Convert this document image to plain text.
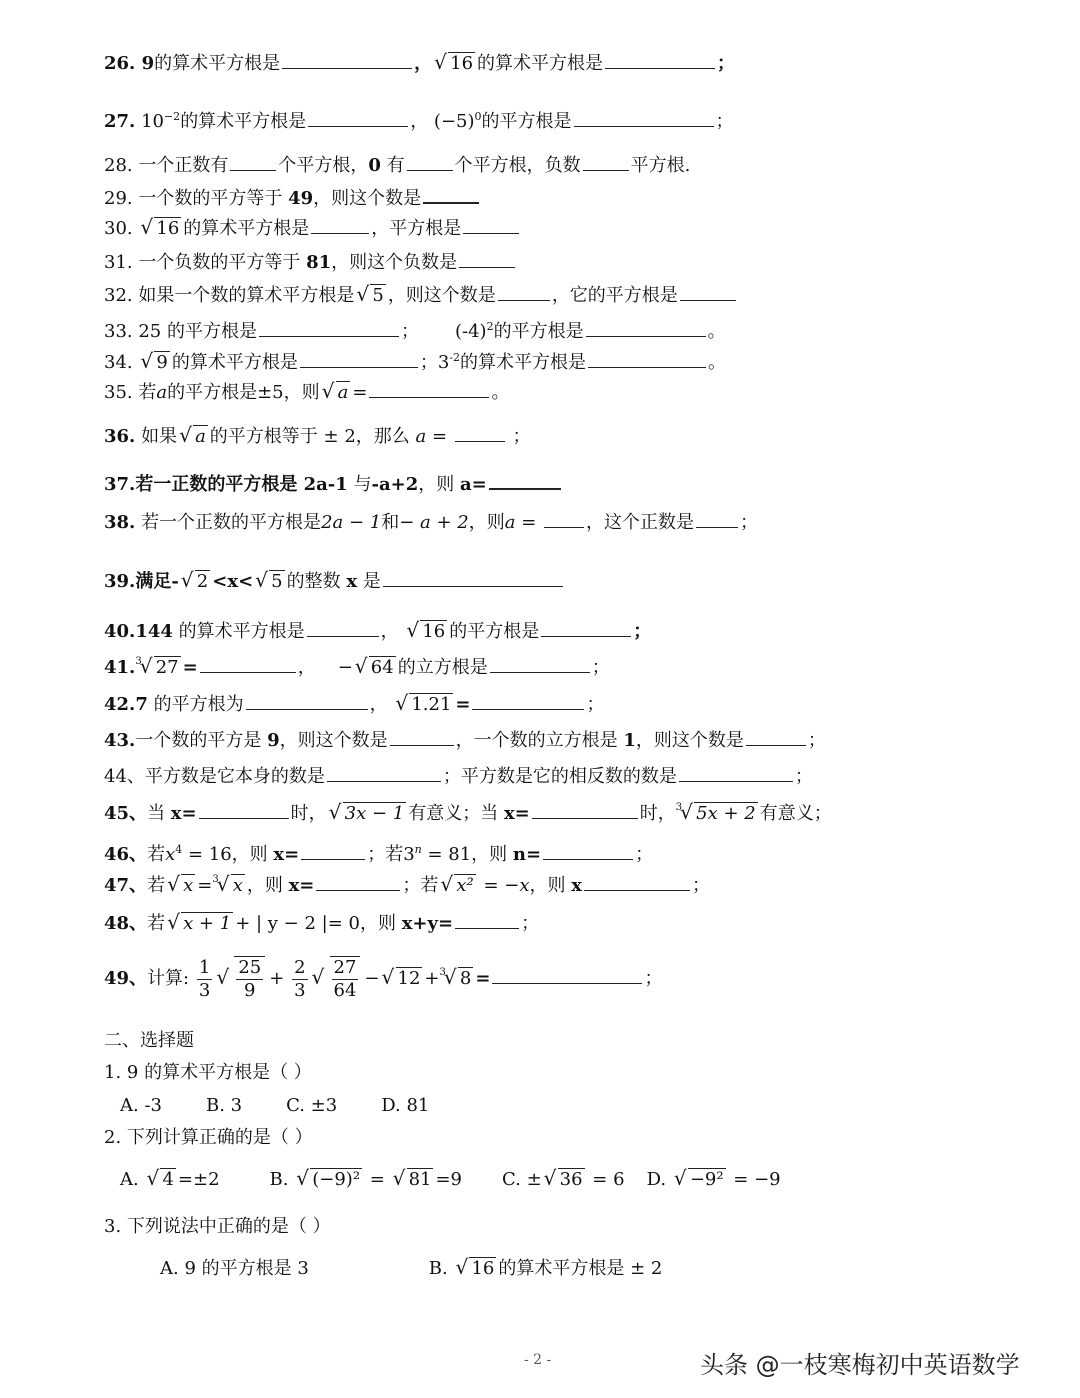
26. 9的算术平方根是	， √ 16 的算术平方根是	；
27. $10^{-2}$的算术平方根是	， $(-5)^0$的平方根是	；
28. 一个正数有	个平方根，0 有	个平方根，负数	平方根.
29. 一个数的平方等于 49，则这个数是
30. √ 16 的算术平方根是	，平方根是
31. 一个负数的平方等于 81，则这个负数是
32. 如果一个数的算术平方根是 √ 5 ，则这个数是	，它的平方根是
33. 25 的平方根是	； $(-4)^2$的平方根是	。
34. √ 9 的算术平方根是	；$3^{-2}$的算术平方根是	。
35. 若a的平方根是±5，则 √ a =	。
36. 如果 √ a 的平方根等于 ± 2，那么 a =	；
37.若一正数的平方根是 2a-1 与-a+2，则 a=
38. 若一个正数的平方根是2a − 1和− a + 2，则a =	，这个正数是	；
39.满足- √ 2 <x< √ 5 的整数 x 是
40.144 的算术平方根是	， √ 16 的平方根是	；
41.$^3$ √ 27 =	， − √ 64 的立方根是	；
42.7 的平方根为	， √ 1.21 =	；
43.一个数的平方是 9，则这个数是	，一个数的立方根是 1，则这个数是	；
44、平方数是它本身的数是	；平方数是它的相反数的数是	；
45、当 x=	时， √ 3x − 1 有意义；当 x=	时，$^3$ √ 5x + 2 有意义；
46、若$x^4 = 16$，则 x=	；若$3^n = 81$，则 n=	；
47、若 √ x =$^3$ √ x ，则 x=	；若 √ x² = −x，则 x	；
48、若 √ x + 1 + | y − 2 |= 0，则 x+y=	；
49、计算: $\frac{1}{3}$ √ $\frac{25}{9} + \frac{2}{3}$ √ $\frac{27}{64}$ − √ 12 +$^3$ √ 8 =	；
二、选择题
1. 9 的算术平方根是（ ）
A. -3 B. 3 C. ±3 D. 81
2. 下列计算正确的是（ ）
A. √ 4 =±2	B. √ (−9)² = √ 81 =9 C. ± √ 36 = 6 D. √ −9² = −9
3. 下列说法中正确的是（ ）
A. 9 的平方根是 3	B. √ 16 的算术平方根是 ± 2
- 2 -	头条 @一枝寒梅初中英语数学
